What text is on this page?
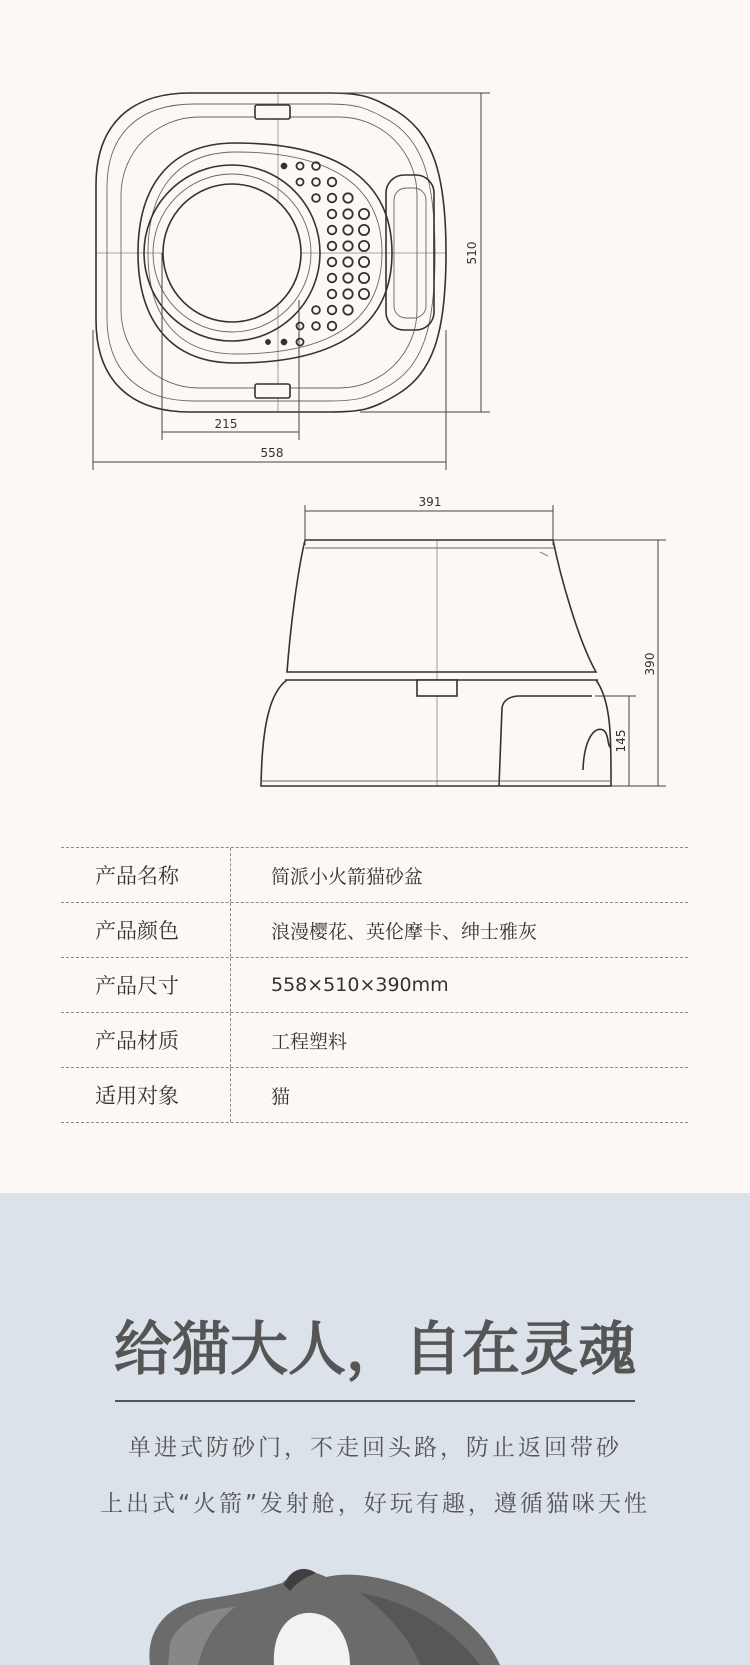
510
215
558
391
390
145
产品名称	简派小火箭猫砂盆
产品颜色	浪漫樱花、英伦摩卡、绅士雅灰
产品尺寸	558×510×390mm
产品材质	工程塑料
适用对象	猫
给猫大人，自在灵魂
单进式防砂门，不走回头路，防止返回带砂
上出式“火箭”发射舱，好玩有趣，遵循猫咪天性
